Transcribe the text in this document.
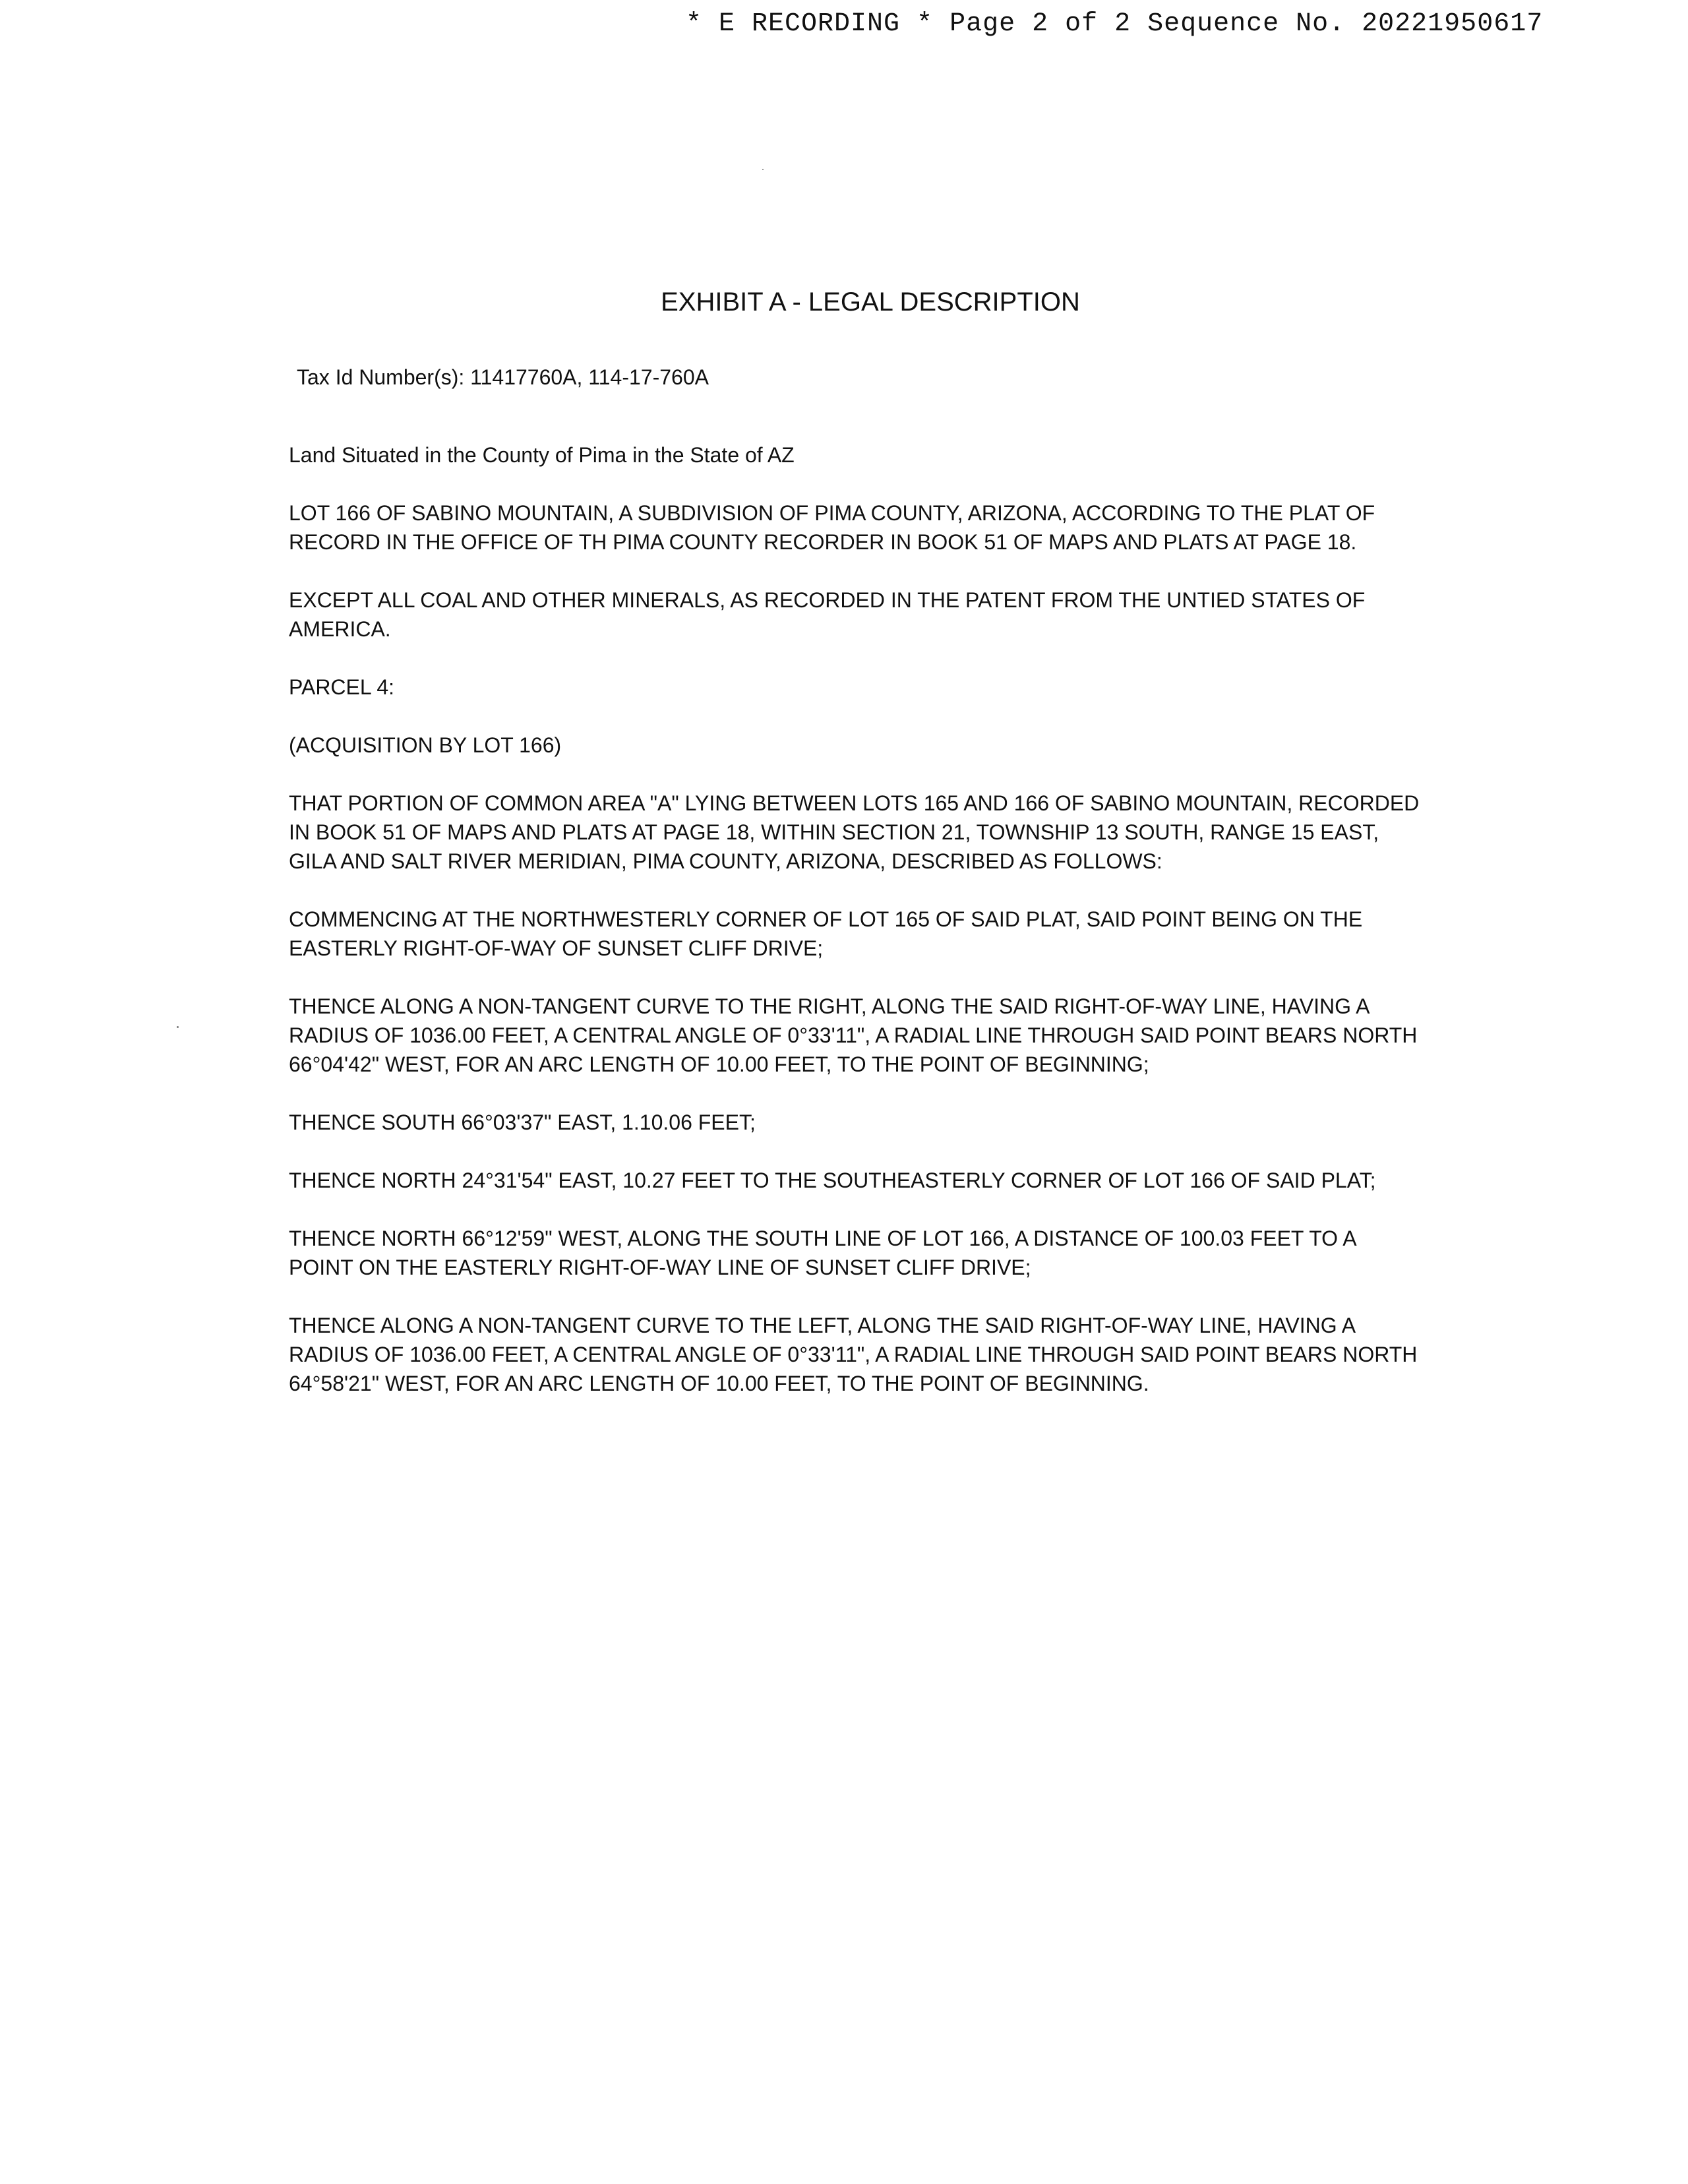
* E RECORDING * Page 2 of 2 Sequence No. 20221950617
EXHIBIT A - LEGAL DESCRIPTION

Tax Id Number(s): 11417760A, 114-17-760A

Land Situated in the County of Pima in the State of AZ

LOT 166 OF SABINO MOUNTAIN, A SUBDIVISION OF PIMA COUNTY, ARIZONA, ACCORDING TO THE PLAT OF RECORD IN THE OFFICE OF TH PIMA COUNTY RECORDER IN BOOK 51 OF MAPS AND PLATS AT PAGE 18.

EXCEPT ALL COAL AND OTHER MINERALS, AS RECORDED IN THE PATENT FROM THE UNTIED STATES OF AMERICA.

PARCEL 4:

(ACQUISITION BY LOT 166)

THAT PORTION OF COMMON AREA "A" LYING BETWEEN LOTS 165 AND 166 OF SABINO MOUNTAIN, RECORDED IN BOOK 51 OF MAPS AND PLATS AT PAGE 18, WITHIN SECTION 21, TOWNSHIP 13 SOUTH, RANGE 15 EAST, GILA AND SALT RIVER MERIDIAN, PIMA COUNTY, ARIZONA, DESCRIBED AS FOLLOWS:

COMMENCING AT THE NORTHWESTERLY CORNER OF LOT 165 OF SAID PLAT, SAID POINT BEING ON THE EASTERLY RIGHT-OF-WAY OF SUNSET CLIFF DRIVE;

THENCE ALONG A NON-TANGENT CURVE TO THE RIGHT, ALONG THE SAID RIGHT-OF-WAY LINE, HAVING A RADIUS OF 1036.00 FEET, A CENTRAL ANGLE OF 0°33'11", A RADIAL LINE THROUGH SAID POINT BEARS NORTH 66°04'42" WEST, FOR AN ARC LENGTH OF 10.00 FEET, TO THE POINT OF BEGINNING;

THENCE SOUTH 66°03'37" EAST, 1.10.06 FEET;

THENCE NORTH 24°31'54" EAST, 10.27 FEET TO THE SOUTHEASTERLY CORNER OF LOT 166 OF SAID PLAT;

THENCE NORTH 66°12'59" WEST, ALONG THE SOUTH LINE OF LOT 166, A DISTANCE OF 100.03 FEET TO A POINT ON THE EASTERLY RIGHT-OF-WAY LINE OF SUNSET CLIFF DRIVE;

THENCE ALONG A NON-TANGENT CURVE TO THE LEFT, ALONG THE SAID RIGHT-OF-WAY LINE, HAVING A RADIUS OF 1036.00 FEET, A CENTRAL ANGLE OF 0°33'11", A RADIAL LINE THROUGH SAID POINT BEARS NORTH 64°58'21" WEST, FOR AN ARC LENGTH OF 10.00 FEET, TO THE POINT OF BEGINNING.
